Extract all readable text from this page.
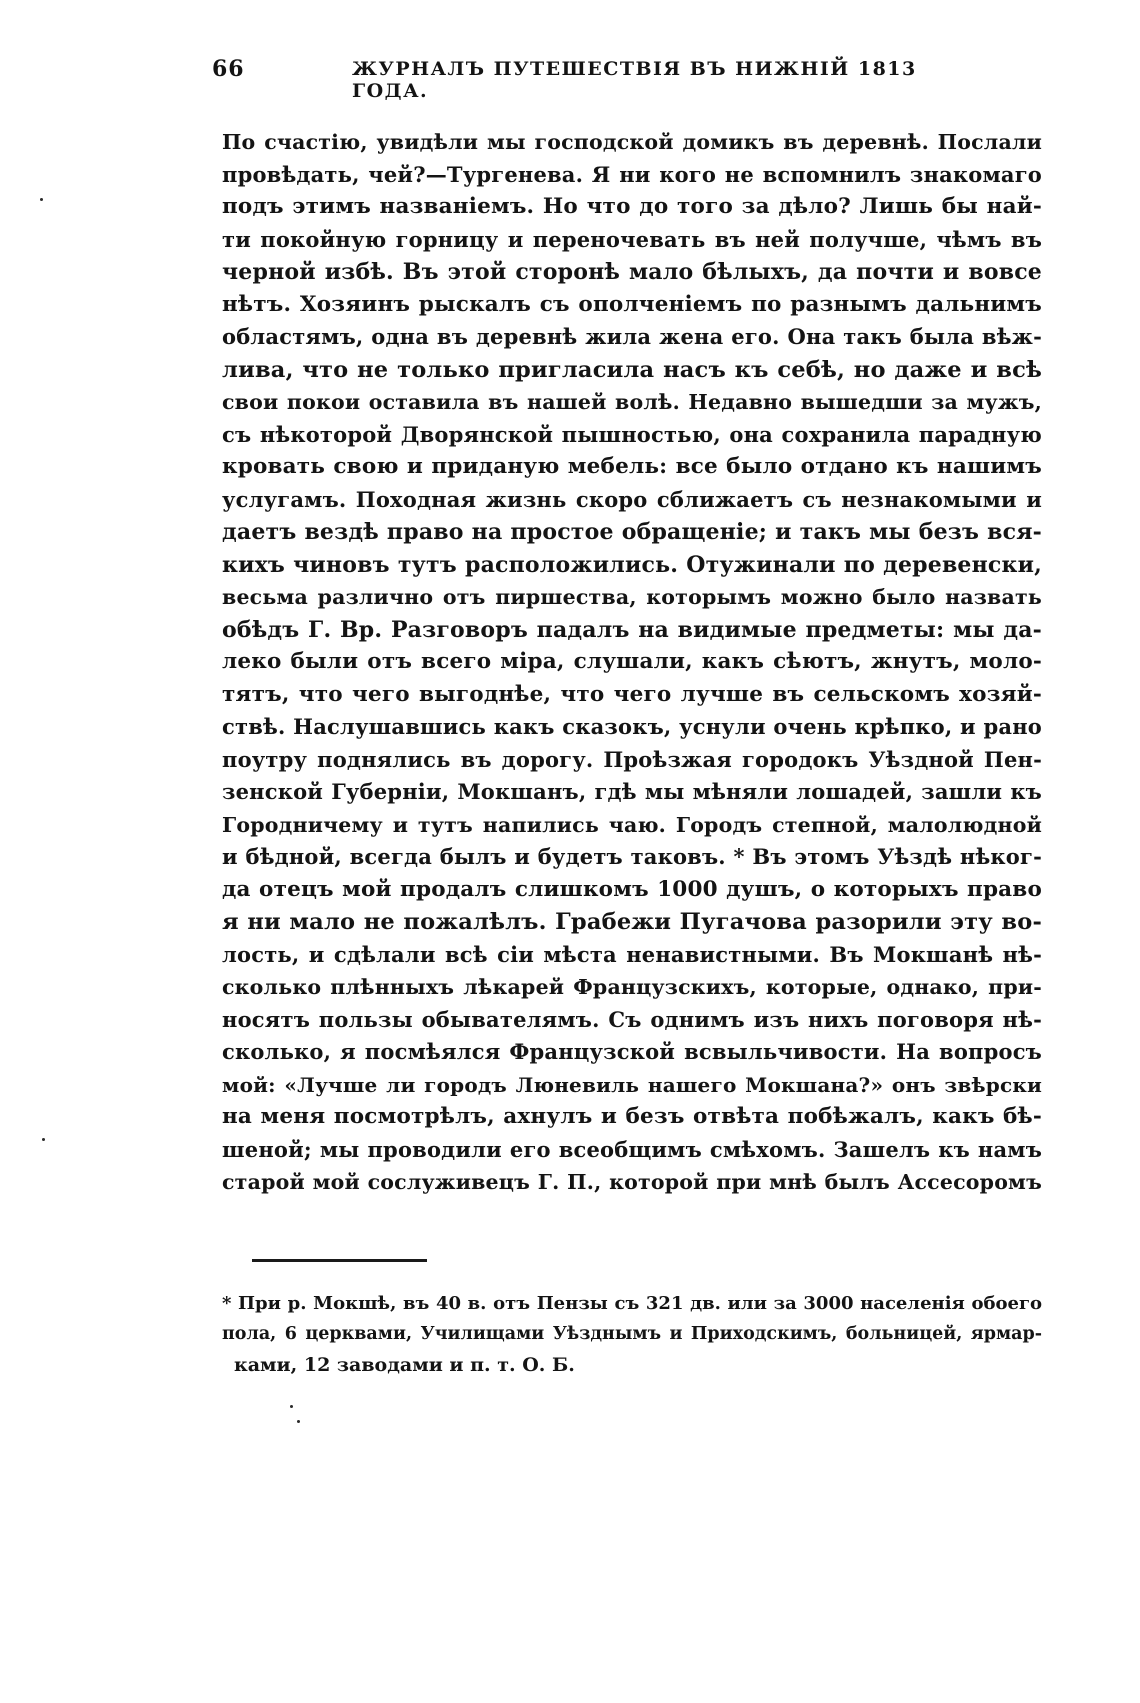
66	ЖУРНАЛЪ ПУТЕШЕСТВІЯ ВЪ НИЖНІЙ 1813 ГОДА.
По счастію, увидѣли мы господской домикъ въ деревнѣ. Послали
провѣдать, чей?—Тургенева. Я ни кого не вспомнилъ знакомаго
подъ этимъ названіемъ. Но что до того за дѣло? Лишь бы най-
ти покойную горницу и переночевать въ ней получше, чѣмъ въ
черной избѣ. Въ этой сторонѣ мало бѣлыхъ, да почти и вовсе
нѣтъ. Хозяинъ рыскалъ съ ополченіемъ по разнымъ дальнимъ
областямъ, одна въ деревнѣ жила жена его. Она такъ была вѣж-
лива, что не только пригласила насъ къ себѣ, но даже и всѣ
свои покои оставила въ нашей волѣ. Недавно вышедши за мужъ,
съ нѣкоторой Дворянской пышностью, она сохранила парадную
кровать свою и приданую мебель: все было отдано къ нашимъ
услугамъ. Походная жизнь скоро сближаетъ съ незнакомыми и
даетъ вездѣ право на простое обращеніе; и такъ мы безъ вся-
кихъ чиновъ тутъ расположились. Отужинали по деревенски,
весьма различно отъ пиршества, которымъ можно было назвать
обѣдъ Г. Вр. Разговоръ падалъ на видимые предметы: мы да-
леко были отъ всего міра, слушали, какъ сѣютъ, жнутъ, моло-
тятъ, что чего выгоднѣе, что чего лучше въ сельскомъ хозяй-
ствѣ. Наслушавшись какъ сказокъ, уснули очень крѣпко, и рано
поутру поднялись въ дорогу. Проѣзжая городокъ Уѣздной Пен-
зенской Губерніи, Мокшанъ, гдѣ мы мѣняли лошадей, зашли къ
Городничему и тутъ напились чаю. Городъ степной, малолюдной
и бѣдной, всегда былъ и будетъ таковъ. * Въ этомъ Уѣздѣ нѣког-
да отецъ мой продалъ слишкомъ 1000 душъ, о которыхъ право
я ни мало не пожалѣлъ. Грабежи Пугачова разорили эту во-
лость, и сдѣлали всѣ сіи мѣста ненавистными. Въ Мокшанѣ нѣ-
сколько плѣнныхъ лѣкарей Французскихъ, которые, однако, при-
носятъ пользы обывателямъ. Съ однимъ изъ нихъ поговоря нѣ-
сколько, я посмѣялся Французской всвыльчивости. На вопросъ
мой: «Лучше ли городъ Люневиль нашего Мокшана?» онъ звѣрски
на меня посмотрѣлъ, ахнулъ и безъ отвѣта побѣжалъ, какъ бѣ-
шеной; мы проводили его всеобщимъ смѣхомъ. Зашелъ къ намъ
старой мой сослуживецъ Г. П., которой при мнѣ былъ Ассесоромъ
* При р. Мокшѣ, въ 40 в. отъ Пензы съ 321 дв. или за 3000 населенія обоего
пола, 6 церквами, Училищами Уѣзднымъ и Приходскимъ, больницей, ярмар-
ками, 12 заводами и п. т. О. Б.
